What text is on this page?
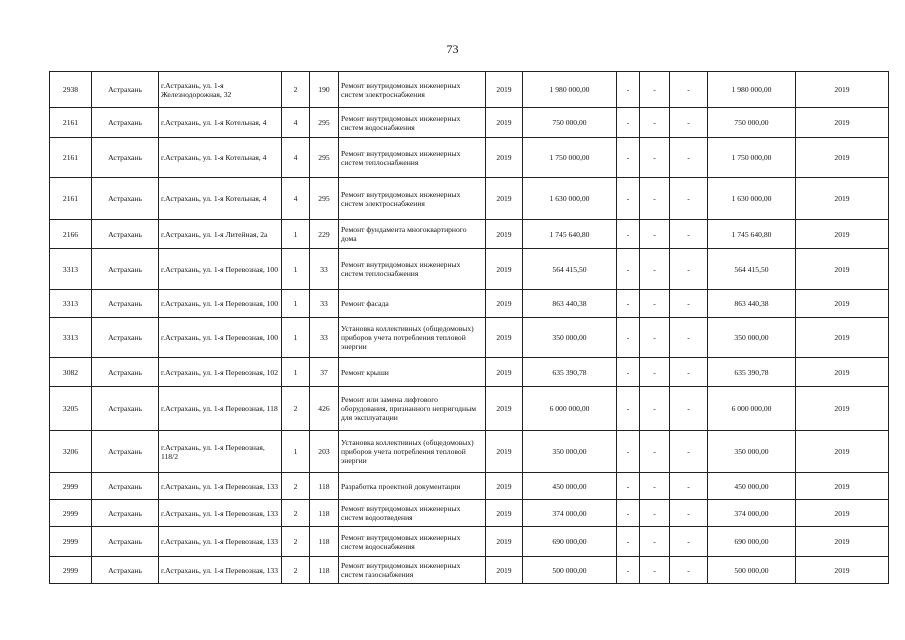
73
2938	Астрахань	г.Астрахань, ул. 1-я Железнодорожная, 32	2	190	Ремонт внутридомовых инженерных систем электроснабжения	2019	1 980 000,00	-	-	-	1 980 000,00	2019
2161	Астрахань	г.Астрахань, ул. 1-я Котельная, 4	4	295	Ремонт внутридомовых инженерных систем водоснабжения	2019	750 000,00	-	-	-	750 000,00	2019
2161	Астрахань	г.Астрахань, ул. 1-я Котельная, 4	4	295	Ремонт внутридомовых инженерных систем теплоснабжения	2019	1 750 000,00	-	-	-	1 750 000,00	2019
2161	Астрахань	г.Астрахань, ул. 1-я Котельная, 4	4	295	Ремонт внутридомовых инженерных систем электроснабжения	2019	1 630 000,00	-	-	-	1 630 000,00	2019
2166	Астрахань	г.Астрахань, ул. 1-я Литейная, 2а	1	229	Ремонт фундамента многоквартирного дома	2019	1 745 640,80	-	-	-	1 745 640,80	2019
3313	Астрахань	г.Астрахань, ул. 1-я Перевозная, 100	1	33	Ремонт внутридомовых инженерных систем теплоснабжения	2019	564 415,50	-	-	-	564 415,50	2019
3313	Астрахань	г.Астрахань, ул. 1-я Перевозная, 100	1	33	Ремонт фасада	2019	863 440,38	-	-	-	863 440,38	2019
3313	Астрахань	г.Астрахань, ул. 1-я Перевозная, 100	1	33	Установка коллективных (общедомовых) приборов учета потребления тепловой энергии	2019	350 000,00	-	-	-	350 000,00	2019
3082	Астрахань	г.Астрахань, ул. 1-я Перевозная, 102	1	37	Ремонт крыши	2019	635 390,78	-	-	-	635 390,78	2019
3205	Астрахань	г.Астрахань, ул. 1-я Перевозная, 118	2	426	Ремонт или замена лифтового оборудования, признанного непригодным для эксплуатации	2019	6 000 000,00	-	-	-	6 000 000,00	2019
3206	Астрахань	г.Астрахань, ул. 1-я Перевозная, 118/2	1	203	Установка коллективных (общедомовых) приборов учета потребления тепловой энергии	2019	350 000,00	-	-	-	350 000,00	2019
2999	Астрахань	г.Астрахань, ул. 1-я Перевозная, 133	2	118	Разработка проектной документации	2019	450 000,00	-	-	-	450 000,00	2019
2999	Астрахань	г.Астрахань, ул. 1-я Перевозная, 133	2	118	Ремонт внутридомовых инженерных систем водоотведения	2019	374 000,00	-	-	-	374 000,00	2019
2999	Астрахань	г.Астрахань, ул. 1-я Перевозная, 133	2	118	Ремонт внутридомовых инженерных систем водоснабжения	2019	690 000,00	-	-	-	690 000,00	2019
2999	Астрахань	г.Астрахань, ул. 1-я Перевозная, 133	2	118	Ремонт внутридомовых инженерных систем газоснабжения	2019	500 000,00	-	-	-	500 000,00	2019
